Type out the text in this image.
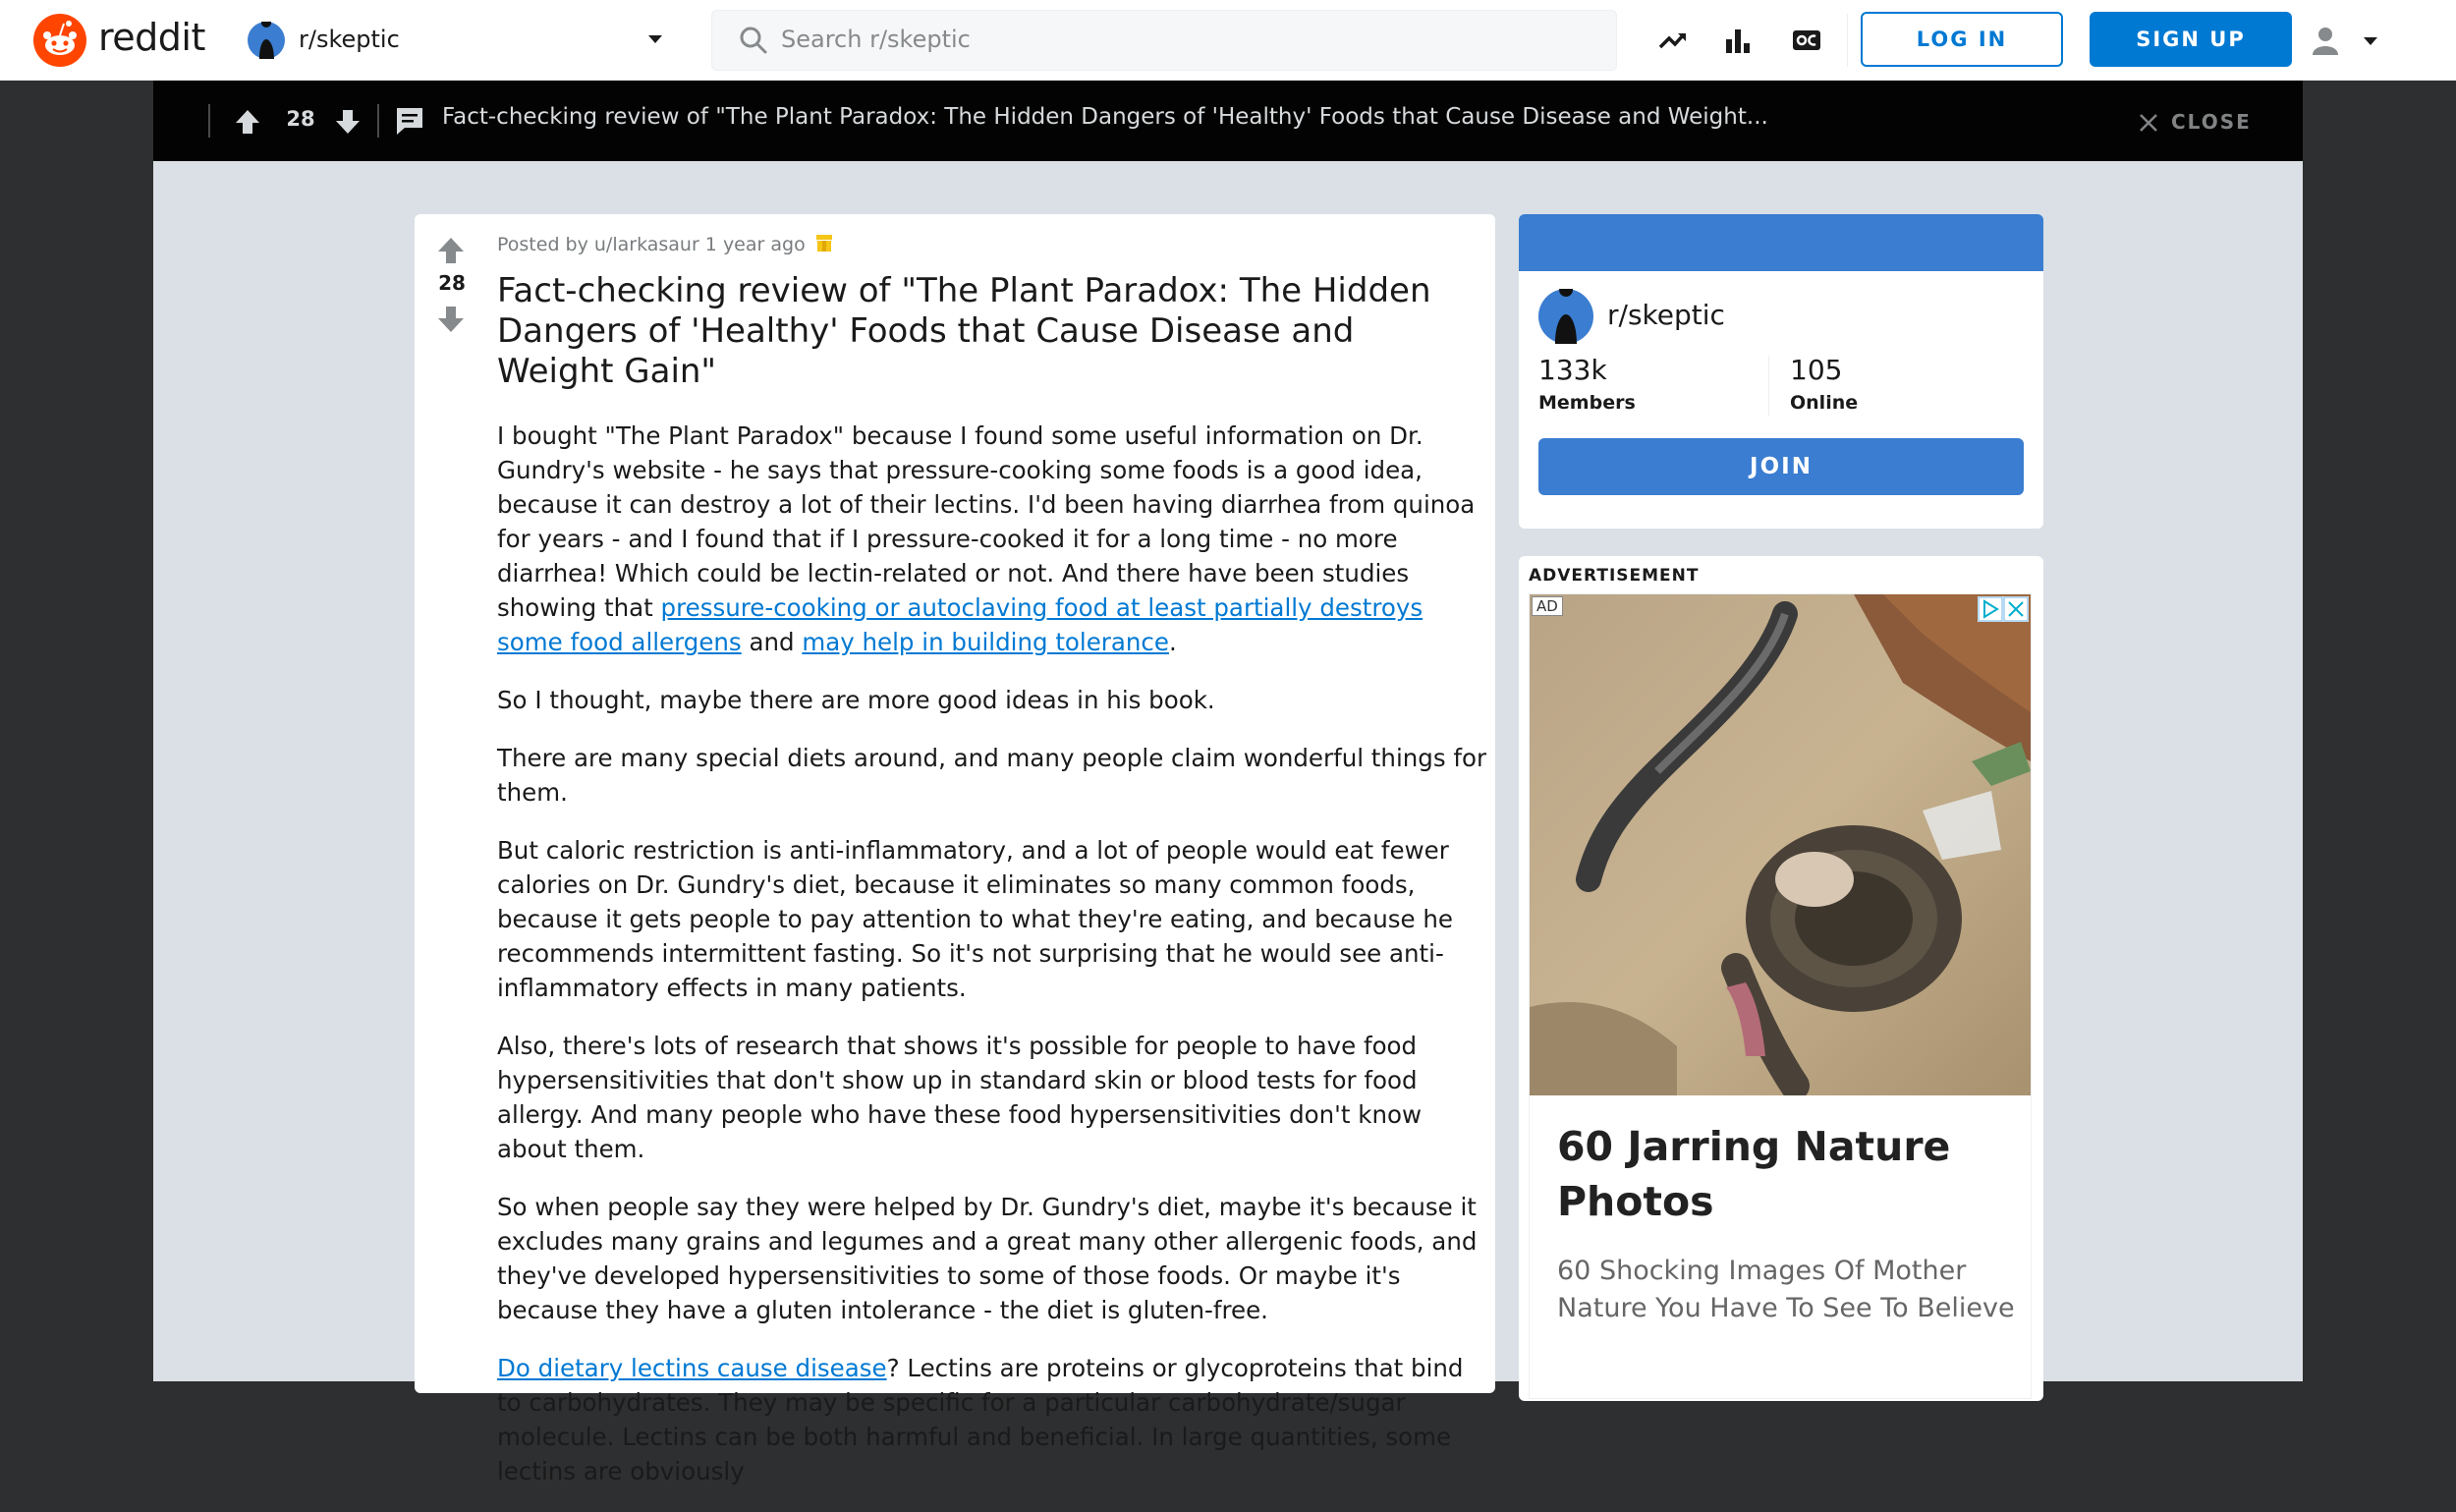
reddit	r/skeptic	Search r/skeptic	LOG IN	SIGN UP
28	Fact-checking review of "The Plant Paradox: The Hidden Dangers of 'Healthy' Foods that Cause Disease and Weight...	CLOSE
28
Posted by u/larkasaur 1 year ago
Fact-checking review of "The Plant Paradox: The Hidden Dangers of 'Healthy' Foods that Cause Disease and Weight Gain"

I bought "The Plant Paradox" because I found some useful information on Dr. Gundry's website - he says that pressure-cooking some foods is a good idea, because it can destroy a lot of their lectins. I'd been having diarrhea from quinoa for years - and I found that if I pressure-cooked it for a long time - no more diarrhea! Which could be lectin-related or not. And there have been studies showing that pressure-cooking or autoclaving food at least partially destroys some food allergens and may help in building tolerance.

So I thought, maybe there are more good ideas in his book.

There are many special diets around, and many people claim wonderful things for them.

But caloric restriction is anti-inflammatory, and a lot of people would eat fewer calories on Dr. Gundry's diet, because it eliminates so many common foods, because it gets people to pay attention to what they're eating, and because he recommends intermittent fasting. So it's not surprising that he would see anti-inflammatory effects in many patients.

Also, there's lots of research that shows it's possible for people to have food hypersensitivities that don't show up in standard skin or blood tests for food allergy. And many people who have these food hypersensitivities don't know about them.

So when people say they were helped by Dr. Gundry's diet, maybe it's because it excludes many grains and legumes and a great many other allergenic foods, and they've developed hypersensitivities to some of those foods. Or maybe it's because they have a gluten intolerance - the diet is gluten-free.

Do dietary lectins cause disease? Lectins are proteins or glycoproteins that bind to carbohydrates. They may be specific for a particular carbohydrate/sugar molecule. Lectins can be both harmful and beneficial. In large quantities, some lectins are obviously

r/skeptic
133k
Members
105
Online
JOIN
ADVERTISEMENT
AD
60 Jarring Nature Photos
60 Shocking Images Of Mother Nature You Have To See To Believe
